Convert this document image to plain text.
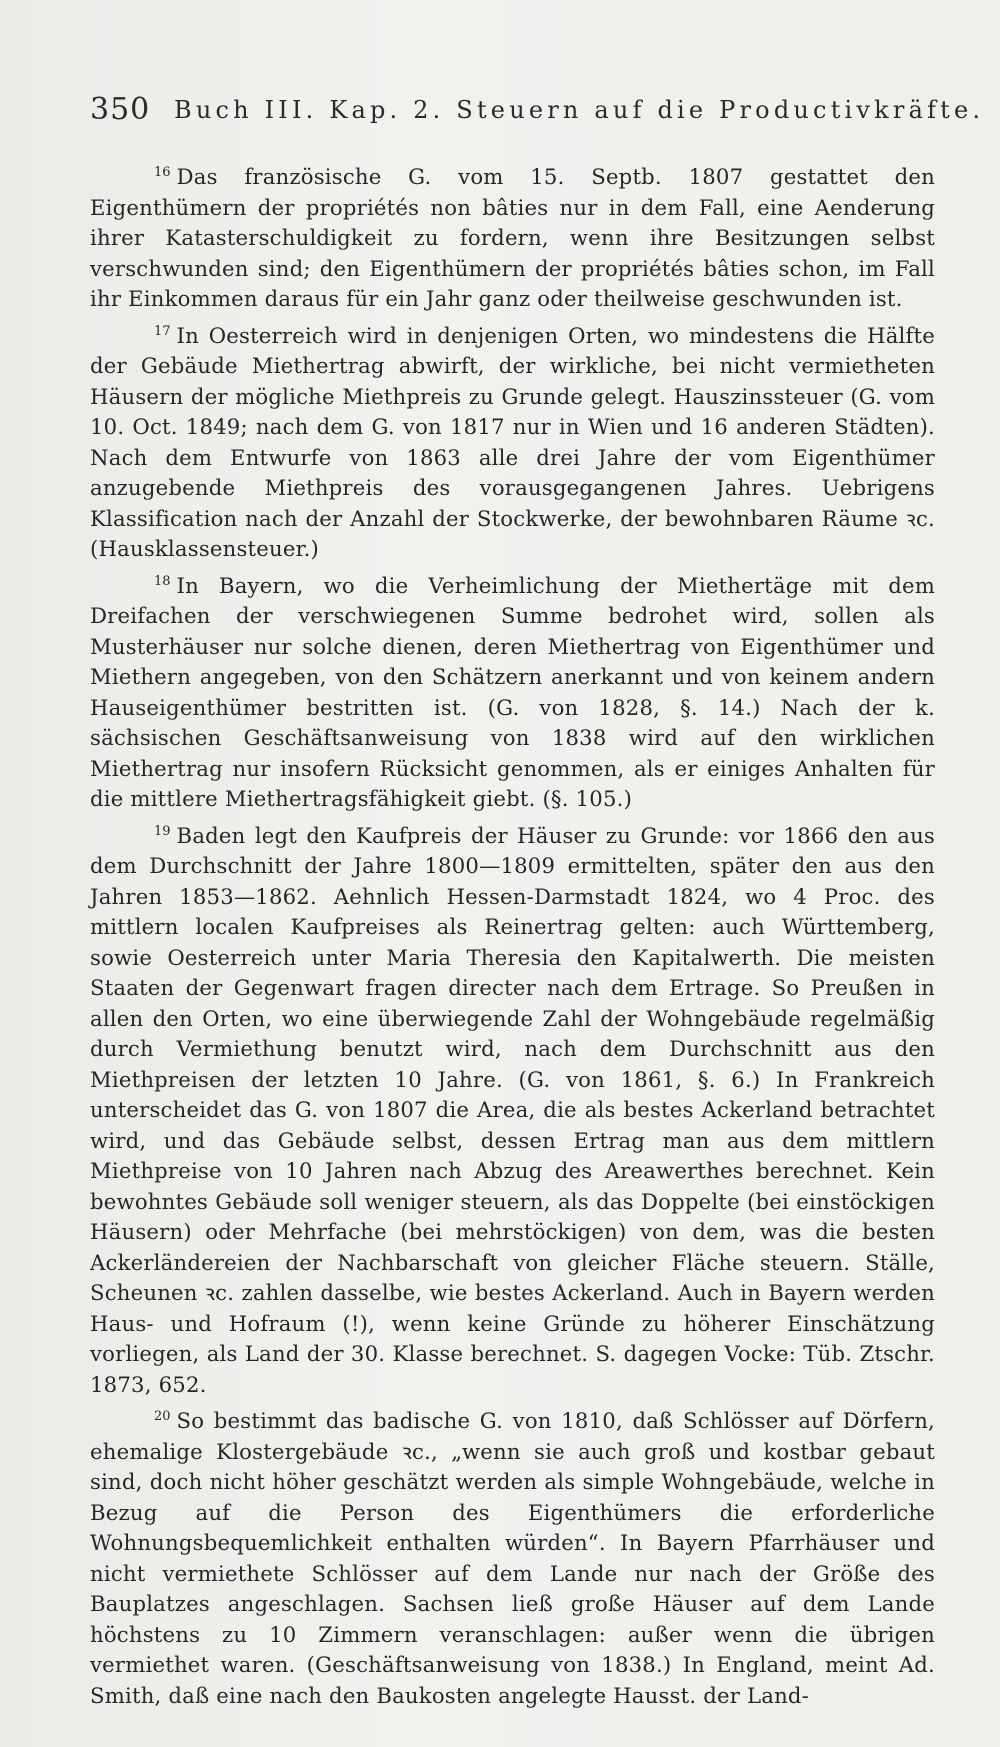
350 Buch III. Kap. 2. Steuern auf die Productivkräfte.

$^{16}$ Das französische G. vom 15. Septb. 1807 gestattet den Eigenthümern der propriétés non bâties nur in dem Fall, eine Aenderung ihrer Katasterschuldigkeit zu fordern, wenn ihre Besitzungen selbst verschwunden sind; den Eigenthümern der propriétés bâties schon, im Fall ihr Einkommen daraus für ein Jahr ganz oder theilweise geschwunden ist.

$^{17}$ In Oesterreich wird in denjenigen Orten, wo mindestens die Hälfte der Gebäude Miethertrag abwirft, der wirkliche, bei nicht vermietheten Häusern der mögliche Miethpreis zu Grunde gelegt. Hauszinssteuer (G. vom 10. Oct. 1849; nach dem G. von 1817 nur in Wien und 16 anderen Städten). Nach dem Entwurfe von 1863 alle drei Jahre der vom Eigenthümer anzugebende Miethpreis des vorausgegangenen Jahres. Uebrigens Klassification nach der Anzahl der Stockwerke, der bewohnbaren Räume ꝛc. (Hausklassensteuer.)

$^{18}$ In Bayern, wo die Verheimlichung der Miethertäge mit dem Dreifachen der verschwiegenen Summe bedrohet wird, sollen als Musterhäuser nur solche dienen, deren Miethertrag von Eigenthümer und Miethern angegeben, von den Schätzern anerkannt und von keinem andern Hauseigenthümer bestritten ist. (G. von 1828, §. 14.) Nach der k. sächsischen Geschäftsanweisung von 1838 wird auf den wirklichen Miethertrag nur insofern Rücksicht genommen, als er einiges Anhalten für die mittlere Miethertragsfähigkeit giebt. (§. 105.)

$^{19}$ Baden legt den Kaufpreis der Häuser zu Grunde: vor 1866 den aus dem Durchschnitt der Jahre 1800—1809 ermittelten, später den aus den Jahren 1853—1862. Aehnlich Hessen-Darmstadt 1824, wo 4 Proc. des mittlern localen Kaufpreises als Reinertrag gelten: auch Württemberg, sowie Oesterreich unter Maria Theresia den Kapitalwerth. Die meisten Staaten der Gegenwart fragen directer nach dem Ertrage. So Preußen in allen den Orten, wo eine überwiegende Zahl der Wohngebäude regelmäßig durch Vermiethung benutzt wird, nach dem Durchschnitt aus den Miethpreisen der letzten 10 Jahre. (G. von 1861, §. 6.) In Frankreich unterscheidet das G. von 1807 die Area, die als bestes Ackerland betrachtet wird, und das Gebäude selbst, dessen Ertrag man aus dem mittlern Miethpreise von 10 Jahren nach Abzug des Areawerthes berechnet. Kein bewohntes Gebäude soll weniger steuern, als das Doppelte (bei einstöckigen Häusern) oder Mehrfache (bei mehrstöckigen) von dem, was die besten Ackerländereien der Nachbarschaft von gleicher Fläche steuern. Ställe, Scheunen ꝛc. zahlen dasselbe, wie bestes Ackerland. Auch in Bayern werden Haus- und Hofraum (!), wenn keine Gründe zu höherer Einschätzung vorliegen, als Land der 30. Klasse berechnet. S. dagegen Vocke: Tüb. Ztschr. 1873, 652.

$^{20}$ So bestimmt das badische G. von 1810, daß Schlösser auf Dörfern, ehemalige Klostergebäude ꝛc., „wenn sie auch groß und kostbar gebaut sind, doch nicht höher geschätzt werden als simple Wohngebäude, welche in Bezug auf die Person des Eigenthümers die erforderliche Wohnungsbequemlichkeit enthalten würden“. In Bayern Pfarrhäuser und nicht vermiethete Schlösser auf dem Lande nur nach der Größe des Bauplatzes angeschlagen. Sachsen ließ große Häuser auf dem Lande höchstens zu 10 Zimmern veranschlagen: außer wenn die übrigen vermiethet waren. (Geschäftsanweisung von 1838.) In England, meint Ad. Smith, daß eine nach den Baukosten angelegte Hausst. der Land-
